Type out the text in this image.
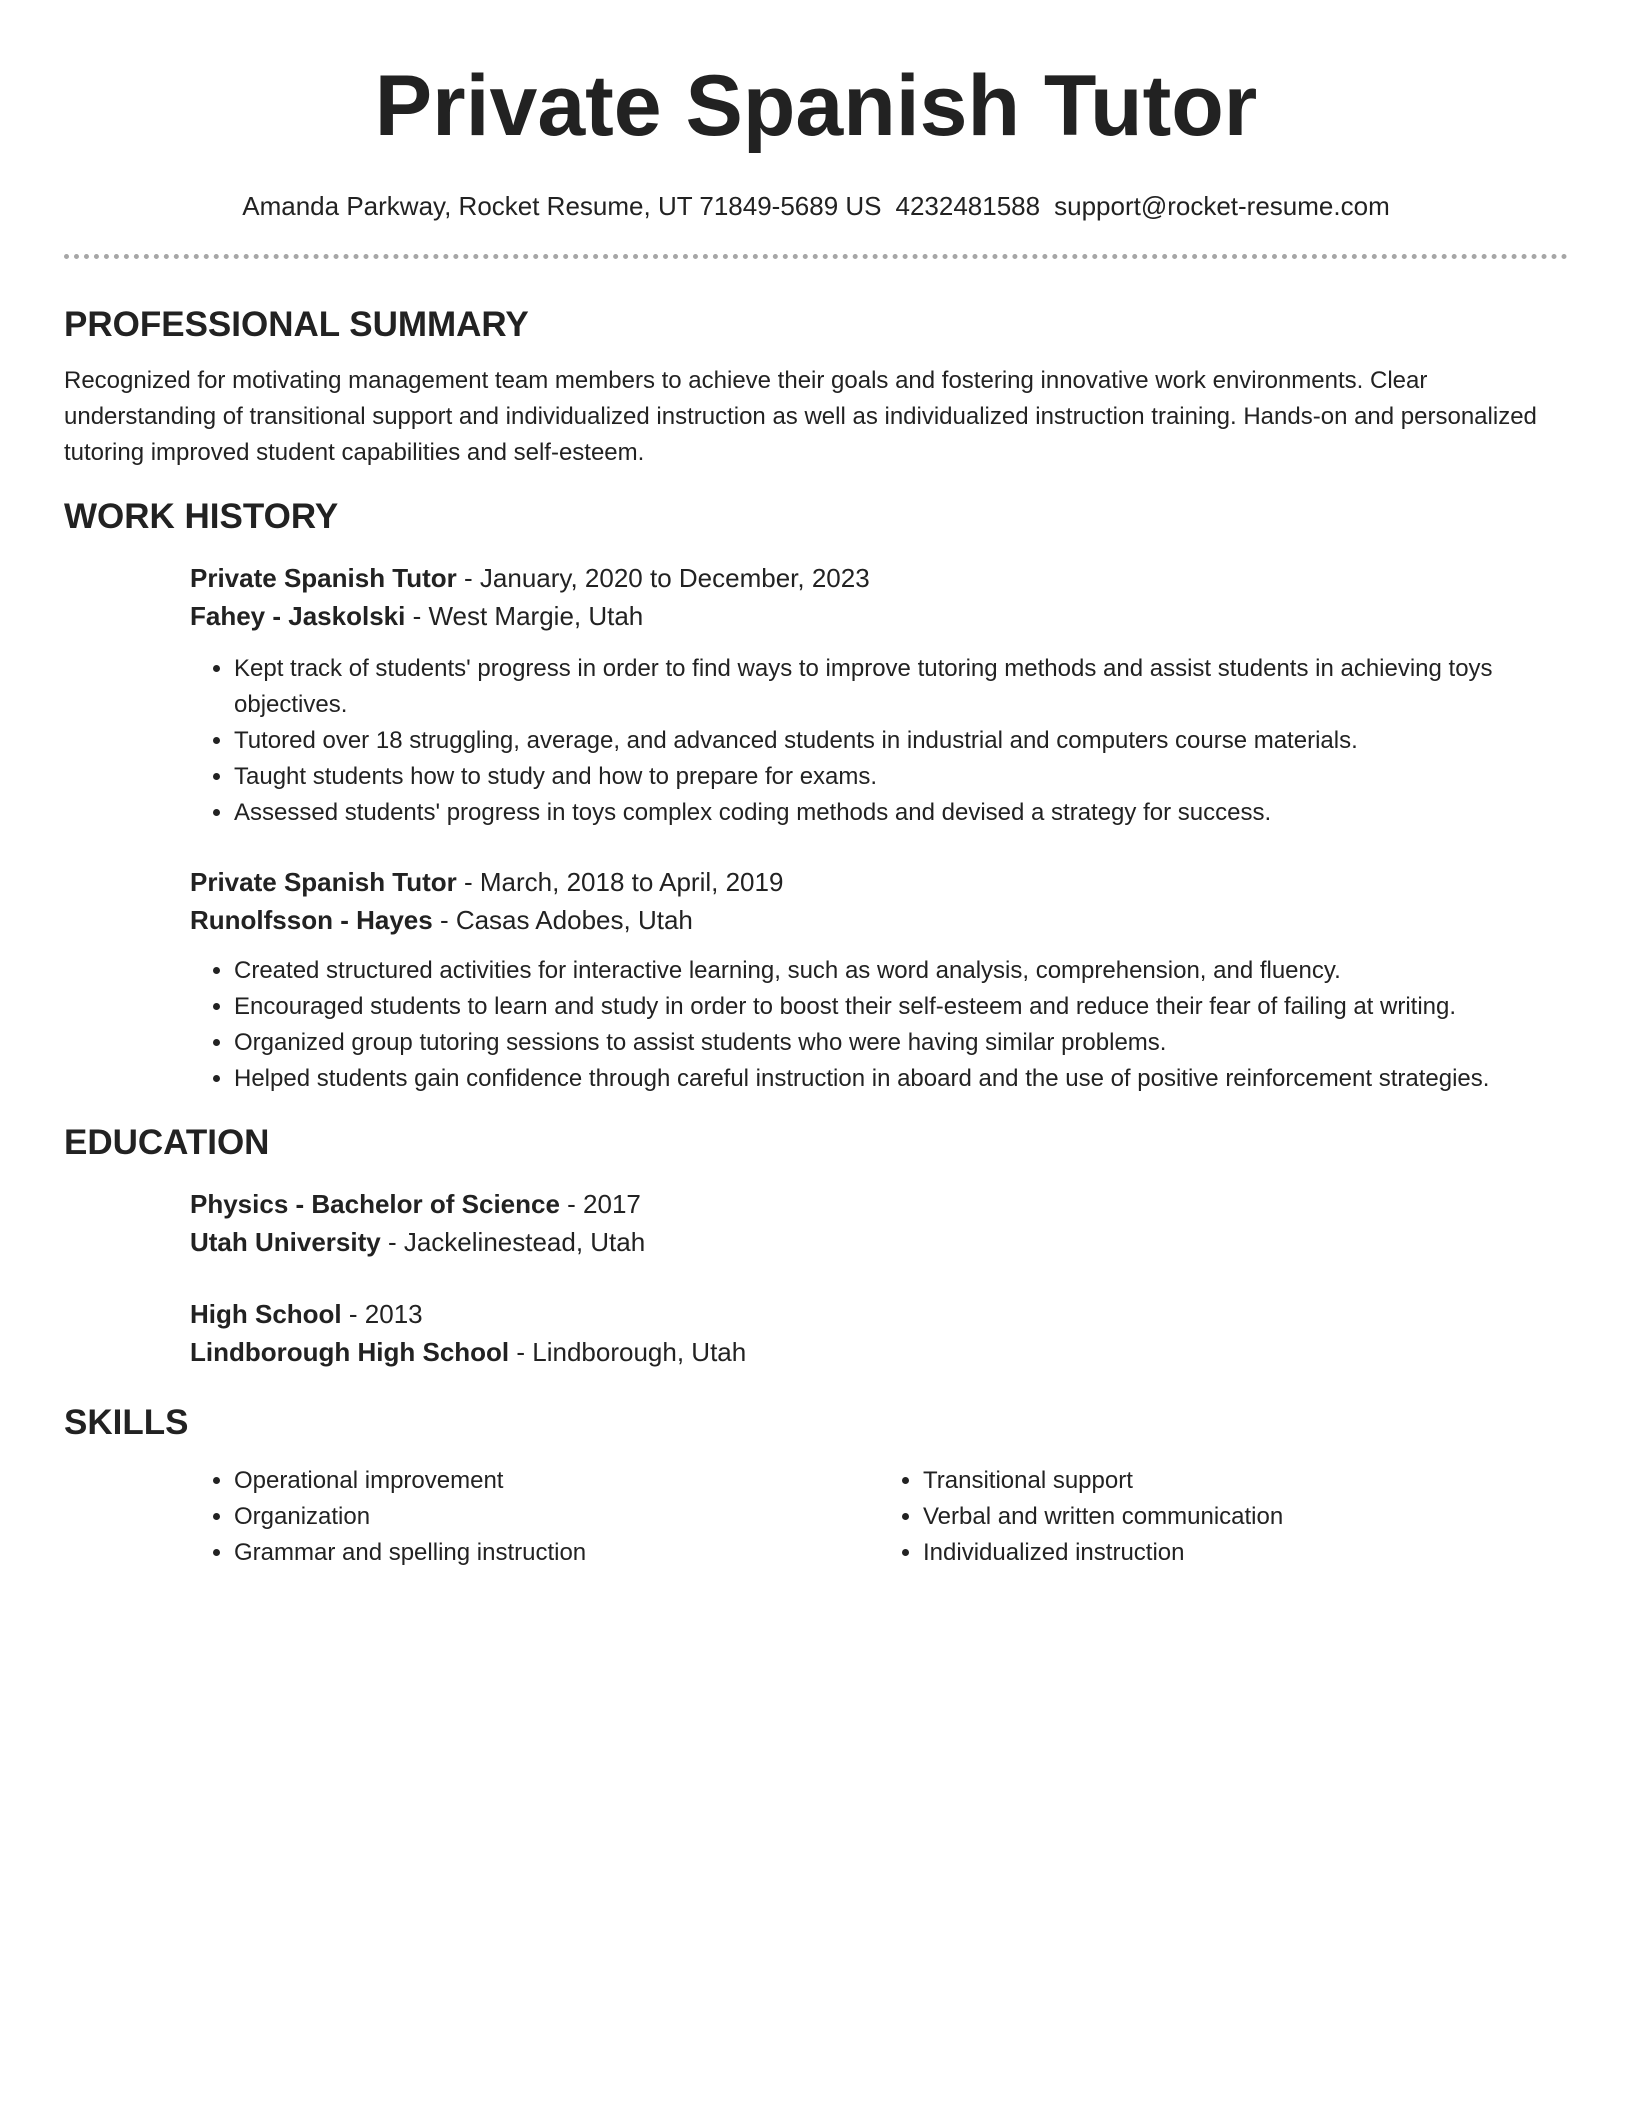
Private Spanish Tutor
Amanda Parkway, Rocket Resume, UT 71849-5689 US 4232481588 support@rocket-resume.com
PROFESSIONAL SUMMARY

Recognized for motivating management team members to achieve their goals and fostering innovative work environments. Clear understanding of transitional support and individualized instruction as well as individualized instruction training. Hands-on and personalized tutoring improved student capabilities and self-esteem.

WORK HISTORY

Private Spanish Tutor - January, 2020 to December, 2023

Fahey - Jaskolski - West Margie, Utah

• Kept track of students' progress in order to find ways to improve tutoring methods and assist students in achieving toys objectives.
• Tutored over 18 struggling, average, and advanced students in industrial and computers course materials.
• Taught students how to study and how to prepare for exams.
• Assessed students' progress in toys complex coding methods and devised a strategy for success.

Private Spanish Tutor - March, 2018 to April, 2019

Runolfsson - Hayes - Casas Adobes, Utah

• Created structured activities for interactive learning, such as word analysis, comprehension, and fluency.
• Encouraged students to learn and study in order to boost their self-esteem and reduce their fear of failing at writing.
• Organized group tutoring sessions to assist students who were having similar problems.
• Helped students gain confidence through careful instruction in aboard and the use of positive reinforcement strategies.
EDUCATION

Physics - Bachelor of Science - 2017

Utah University - Jackelinestead, Utah

High School - 2013

Lindborough High School - Lindborough, Utah

SKILLS
• Operational improvement
• Organization
• Grammar and spelling instruction
• Transitional support
• Verbal and written communication
• Individualized instruction
